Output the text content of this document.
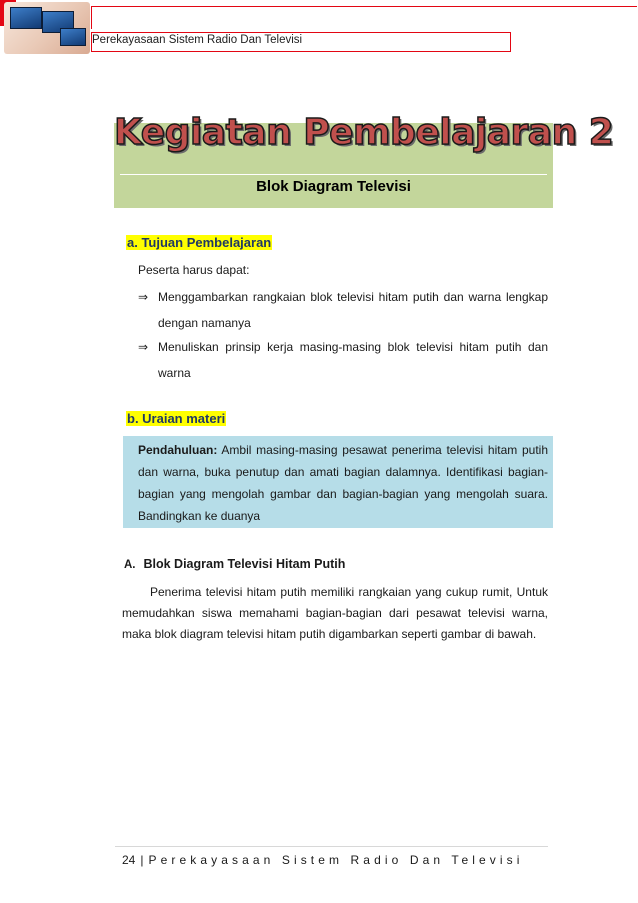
Perekayasaan Sistem Radio Dan Televisi
Kegiatan Pembelajaran 2
Blok Diagram Televisi
a. Tujuan Pembelajaran
Peserta harus dapat:
⇒ Menggambarkan rangkaian blok televisi hitam putih dan warna lengkap dengan namanya
⇒ Menuliskan prinsip kerja masing-masing blok televisi hitam putih dan warna
b. Uraian materi
Pendahuluan: Ambil masing-masing pesawat penerima televisi hitam putih dan warna, buka penutup dan amati bagian dalamnya. Identifikasi bagian-bagian yang mengolah gambar dan bagian-bagian yang mengolah suara. Bandingkan ke duanya
A. Blok Diagram Televisi Hitam Putih
Penerima televisi hitam putih memiliki rangkaian yang cukup rumit, Untuk memudahkan siswa memahami bagian-bagian dari pesawat televisi warna, maka blok diagram televisi hitam putih digambarkan seperti gambar di bawah.
24 | Perekayasaan Sistem Radio Dan Televisi
